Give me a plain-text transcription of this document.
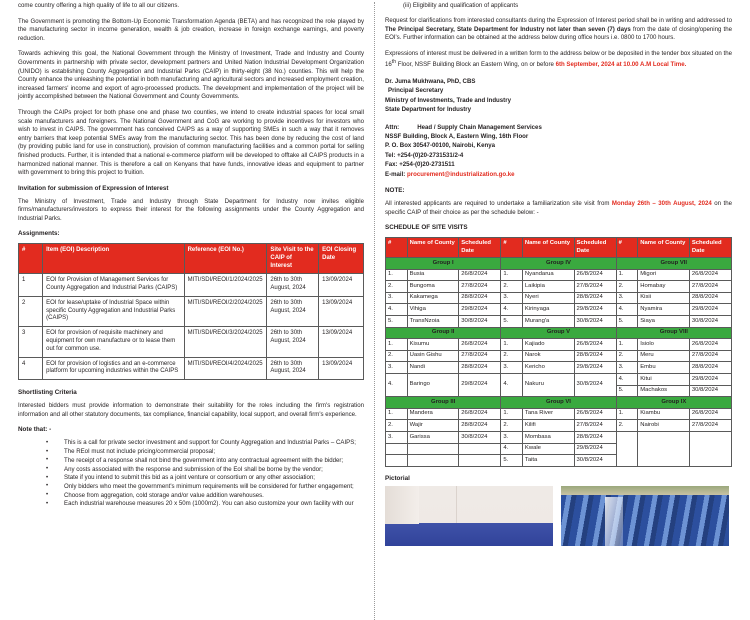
come country offering a high quality of life to all our citizens.

The Government is promoting the Bottom-Up Economic Transformation Agenda (BETA) and has recognized the role played by the manufacturing sector in income generation, wealth & job creation, increase in foreign exchange earnings, and poverty reduction.

Towards achieving this goal, the National Government through the Ministry of Investment, Trade and Industry and County Governments in partnership with private sector, development partners and United Nation Industrial Development Organization (UNIDO) is establishing County Aggregation and Industrial Parks (CAIP) in thirty-eight (38 No.) counties. This will help the County enhance the unleashing the potential in both manufacturing and agricultural sectors and increased employment creation, increased farmers' income and export of agro-processed products. The development and implementation of the project will be jointly accomplished between the National Government and County Governments.

Through the CAIPs project for both phase one and phase two counties, we intend to create industrial spaces for local small scale manufacturers and foreigners. The National Government and CoG are working to provide incentives for investors who wish to invest in CAIPS. The government has conceived CAIPS as a way of supporting SMEs in such a way that it removes entry barriers that keep potential SMEs away from the manufacturing sector. This has been done by reducing the cost of land (by providing public land for use in construction), provision of common manufacturing facilities and a common portal for selling finished products. Further, it is intended that a national e-commerce platform will be developed to offtake all CAIPS products in a harmonized national manner. This is therefore a call on Kenyans that have funds, innovative ideas and equipment to partner with government to bring this project to fruition.

Invitation for submission of Expression of Interest

The Ministry of Investment, Trade and Industry through State Department for Industry now invites eligible firms/manufacturers/investors to express their interest for the following assignments under the County Aggregation and Industrial Parks.

Assignments:
#	Item (EOI) Description	Reference (EOI No.)	Site Visit to the CAIP of Interest	EOI Closing Date
1	EOI for Provision of Management Services for County Aggregation and Industrial Parks (CAIPS)	MITI/SDI/REOI/1/2024/2025	26th to 30th August, 2024	13/09/2024
2	EOI for lease/uptake of Industrial Space within specific County Aggregation and Industrial Parks (CAIPS)	MITI/SDI/REOI/2/2024/2025	26th to 30th August, 2024	13/09/2024
3	EOI for provision of requisite machinery and equipment for own manufacture or to lease them out for common use.	MITI/SDI/REOI/3/2024/2025	26th to 30th August, 2024	13/09/2024
4	EOI for provision of logistics and an e-commerce platform for upcoming industries within the CAIPS	MITI/SDI/REOI/4/2024/2025	26th to 30th August, 2024	13/09/2024
Shortlisting Criteria

Interested bidders must provide information to demonstrate their suitability for the roles including the firm's registration information and all other statutory documents, tax compliance, financial capability, local support, and overall firm's experience.

Note that: -
• This is a call for private sector investment and support for County Aggregation and Industrial Parks – CAIPS;
• The REoI must not include pricing/commercial proposal;
• The receipt of a response shall not bind the government into any contractual agreement with the bidder;
• Any costs associated with the response and submission of the EoI shall be borne by the vendor;
• State if you intend to submit this bid as a joint venture or consortium or any other association;
• Only bidders who meet the government's minimum requirements will be considered for further engagement;
• Choose from aggregation, cold storage and/or value addition warehouses.
• Each industrial warehouse measures 20 x 50m (1000m2). You can also customize your own facility with our
(iii) Eligibility and qualification of applicants

Request for clarifications from interested consultants during the Expression of Interest period shall be in writing and addressed to The Principal Secretary, State Department for Industry not later than seven (7) days from the date of closing/opening the EOI's. Further information can be obtained at the address below during office hours i.e. 0800 to 1700 hours.

Expressions of interest must be delivered in a written form to the address below or be deposited in the tender box situated on the 16th Floor, NSSF Building Block an Eastern Wing, on or before 6th September, 2024 at 10.00 A.M Local Time.

Dr. Juma Mukhwana, PhD, CBS
Principal Secretary
Ministry of Investments, Trade and Industry
State Department for Industry

Attn:	Head / Supply Chain Management Services
NSSF Building, Block A, Eastern Wing, 16th Floor
P. O. Box 30547-00100, Nairobi, Kenya
Tel: +254-(0)20-2731531/2-4
Fax: +254-(0)20-2731511
E-mail: procurement@industrialization.go.ke

NOTE:

All interested applicants are required to undertake a familiarization site visit from Monday 26th – 30th August, 2024 on the specific CAIP of their choice as per the schedule below: -

SCHEDULE OF SITE VISITS
#	Name of County	Scheduled Date	#	Name of County	Scheduled Date	#	Name of County	Scheduled Date
Group I			Group IV			Group VII		
1.	Busia	26/8/2024	1.	Nyandarua	26/8/2024	1.	Migori	26/8/2024
2.	Bungoma	27/8/2024	2.	Laikipia	27/8/2024	2.	Homabay	27/8/2024
3.	Kakamega	28/8/2024	3.	Nyeri	28/8/2024	3.	Kisii	28/8/2024
4.	Vihiga	29/8/2024	4.	Kirinyaga	29/8/2024	4.	Nyamira	29/8/2024
5.	TransNzoia	30/8/2024	5.	Murang'a	30/8/2024	5.	Siaya	30/8/2024
Group II			Group V			Group VIII		
1.	Kisumu	26/8/2024	1.	Kajiado	26/8/2024	1.	Isiolo	26/8/2024
2.	Uasin Gishu	27/8/2024	2.	Narok	28/8/2024	2.	Meru	27/8/2024
3.	Nandi	28/8/2024	3.	Kericho	29/8/2024	3.	Embu	28/8/2024
4.	Baringo	29/8/2024	4.	Nakuru	30/8/2024	4.	Kitui	29/8/2024
						5.	Machakos	30/8/2024
Group III			Group VI			Group IX		
1.	Mandera	26/8/2024	1.	Tana River	26/8/2024	1.	Kiambu	26/8/2024
2.	Wajir	28/8/2024	2.	Kilifi	27/8/2024	2.	Nairobi	27/8/2024
3.	Garissa	30/8/2024	3.	Mombasa	28/8/2024			
			4.	Kwale	29/8/2024			
			5.	Taita	30/8/2024			
Pictorial
